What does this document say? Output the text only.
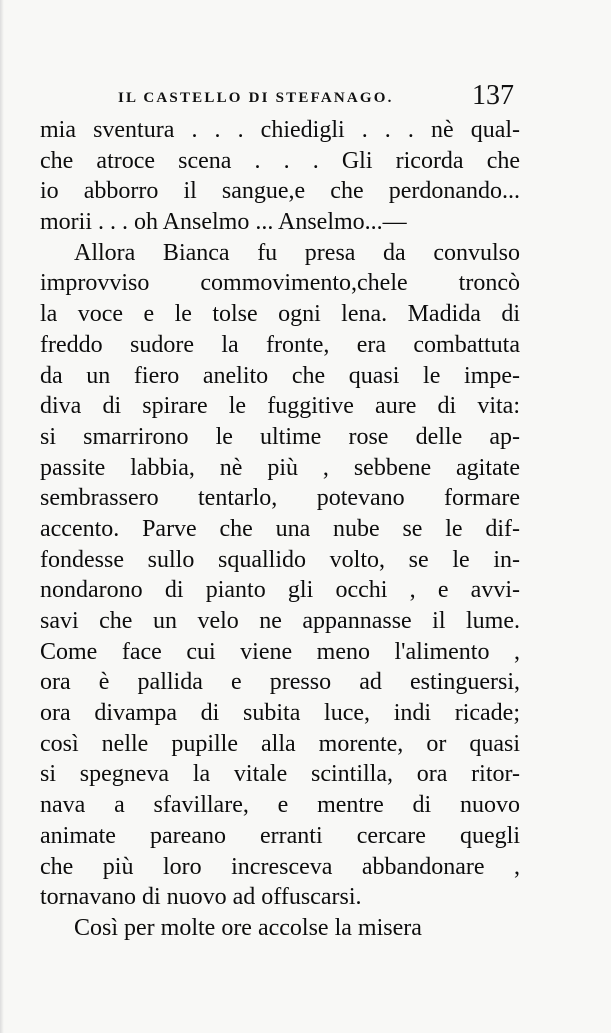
IL CASTELLO DI STEFANAGO.	137
mia sventura . . . chiedigli . . . nè qual-
che atroce scena . . . Gli ricorda che
io abborro il sangue,e che perdonando...
morii . . . oh Anselmo ... Anselmo...—
Allora Bianca fu presa da convulso
improvviso commovimento,chele troncò
la voce e le tolse ogni lena. Madida di
freddo sudore la fronte, era combattuta
da un fiero anelito che quasi le impe-
diva di spirare le fuggitive aure di vita:
si smarrirono le ultime rose delle ap-
passite labbia, nè più , sebbene agitate
sembrassero tentarlo, potevano formare
accento. Parve che una nube se le dif-
fondesse sullo squallido volto, se le in-
nondarono di pianto gli occhi , e avvi-
savi che un velo ne appannasse il lume.
Come face cui viene meno l'alimento ,
ora è pallida e presso ad estinguersi,
ora divampa di subita luce, indi ricade;
così nelle pupille alla morente, or quasi
si spegneva la vitale scintilla, ora ritor-
nava a sfavillare, e mentre di nuovo
animate pareano erranti cercare quegli
che più loro incresceva abbandonare ,
tornavano di nuovo ad offuscarsi.
Così per molte ore accolse la misera
